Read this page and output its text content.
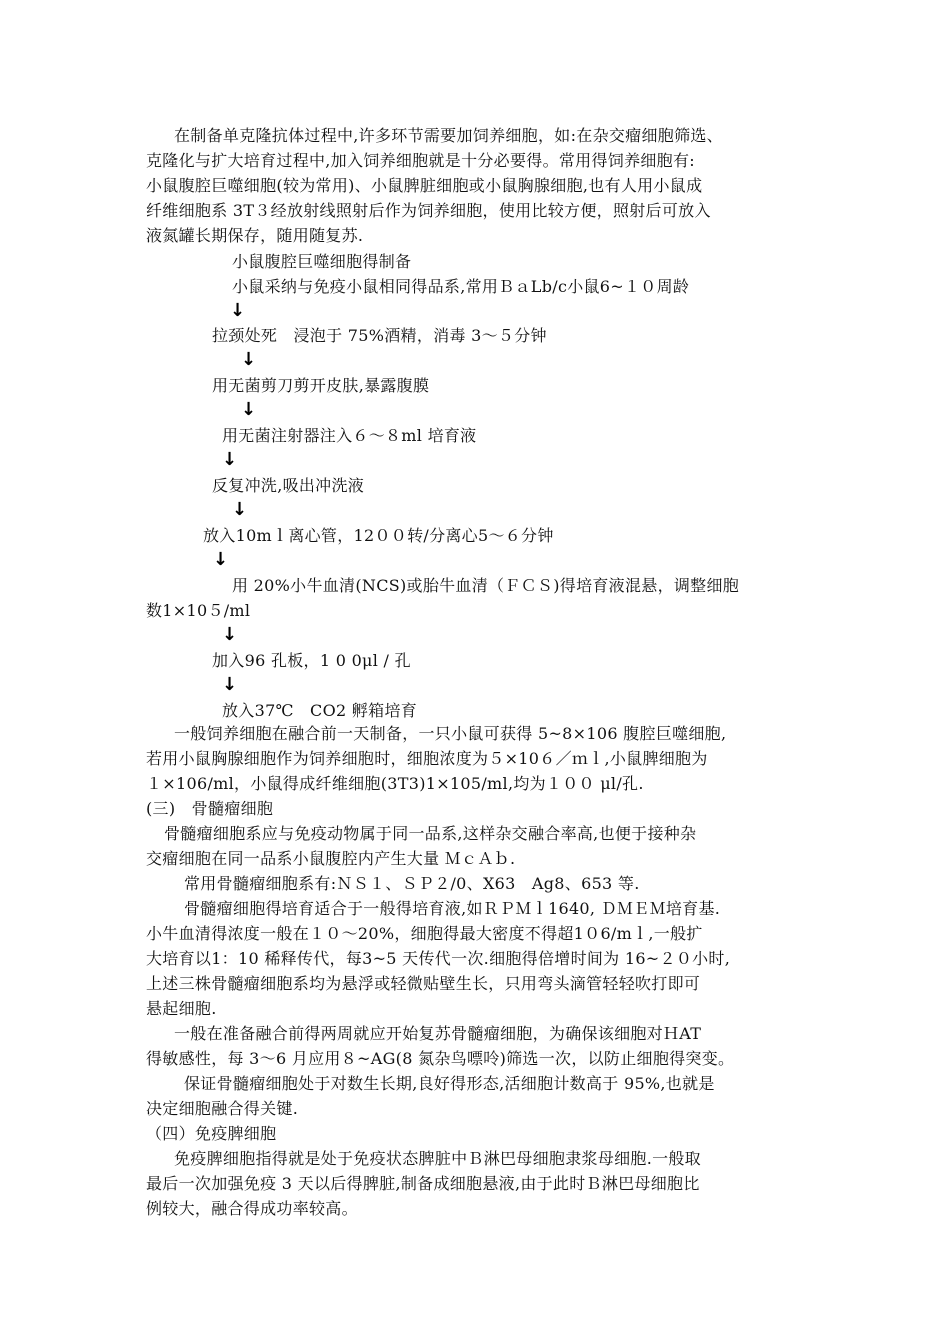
在制备单克隆抗体过程中,许多环节需要加饲养细胞，如:在杂交瘤细胞筛选、
克隆化与扩大培育过程中,加入饲养细胞就是十分必要得。常用得饲养细胞有:
小鼠腹腔巨噬细胞(较为常用)、小鼠脾脏细胞或小鼠胸腺细胞,也有人用小鼠成
纤维细胞系 3T３经放射线照射后作为饲养细胞，使用比较方便，照射后可放入
液氮罐长期保存，随用随复苏.
小鼠腹腔巨噬细胞得制备
小鼠采纳与免疫小鼠相同得品系,常用ＢａLb/c小鼠6~１０周龄
↓
拉颈处死　浸泡于 75%酒精，消毒 3～５分钟
↓
用无菌剪刀剪开皮肤,暴露腹膜
↓
用无菌注射器注入６～８ml 培育液
↓
反复冲洗,吸出冲洗液
↓
放入10mｌ离心管，12００转/分离心5～６分钟
↓
用 20%小牛血清(NCS)或胎牛血清（ＦＣＳ)得培育液混悬，调整细胞
数1×10５/ml
↓
加入96 孔板，1 0 0μl / 孔
↓
放入37℃　CO2 孵箱培育
一般饲养细胞在融合前一天制备，一只小鼠可获得 5~8×106 腹腔巨噬细胞,
若用小鼠胸腺细胞作为饲养细胞时，细胞浓度为５×10６／ｍｌ,小鼠脾细胞为
１×106/ml，小鼠得成纤维细胞(3T3)1×105/ml,均为１００ μl/孔.
(三)　骨髓瘤细胞
骨髓瘤细胞系应与免疫动物属于同一品系,这样杂交融合率高,也便于接种杂
交瘤细胞在同一品系小鼠腹腔内产生大量 ＭｃＡｂ.
常用骨髓瘤细胞系有:ＮＳ１、ＳＰ２/0、X63　Ag8、653 等.
骨髓瘤细胞得培育适合于一般得培育液,如ＲＰＭｌ1640, ＤＭＥＭ培育基.
小牛血清得浓度一般在１０～20%，细胞得最大密度不得超1０6/mｌ,一般扩
大培育以1：10 稀释传代，每3~5 天传代一次.细胞得倍增时间为 16~２０小时,
上述三株骨髓瘤细胞系均为悬浮或轻微贴壁生长，只用弯头滴管轻轻吹打即可
悬起细胞.
一般在准备融合前得两周就应开始复苏骨髓瘤细胞，为确保该细胞对ＨAT
得敏感性，每 3～6 月应用８~AG(8 氮杂鸟嘌呤)筛选一次，以防止细胞得突变。
保证骨髓瘤细胞处于对数生长期,良好得形态,活细胞计数高于 95%,也就是
决定细胞融合得关键.
（四）免疫脾细胞
免疫脾细胞指得就是处于免疫状态脾脏中Ｂ淋巴母细胞隶浆母细胞.一般取
最后一次加强免疫 3 天以后得脾脏,制备成细胞悬液,由于此时Ｂ淋巴母细胞比
例较大，融合得成功率较高。
